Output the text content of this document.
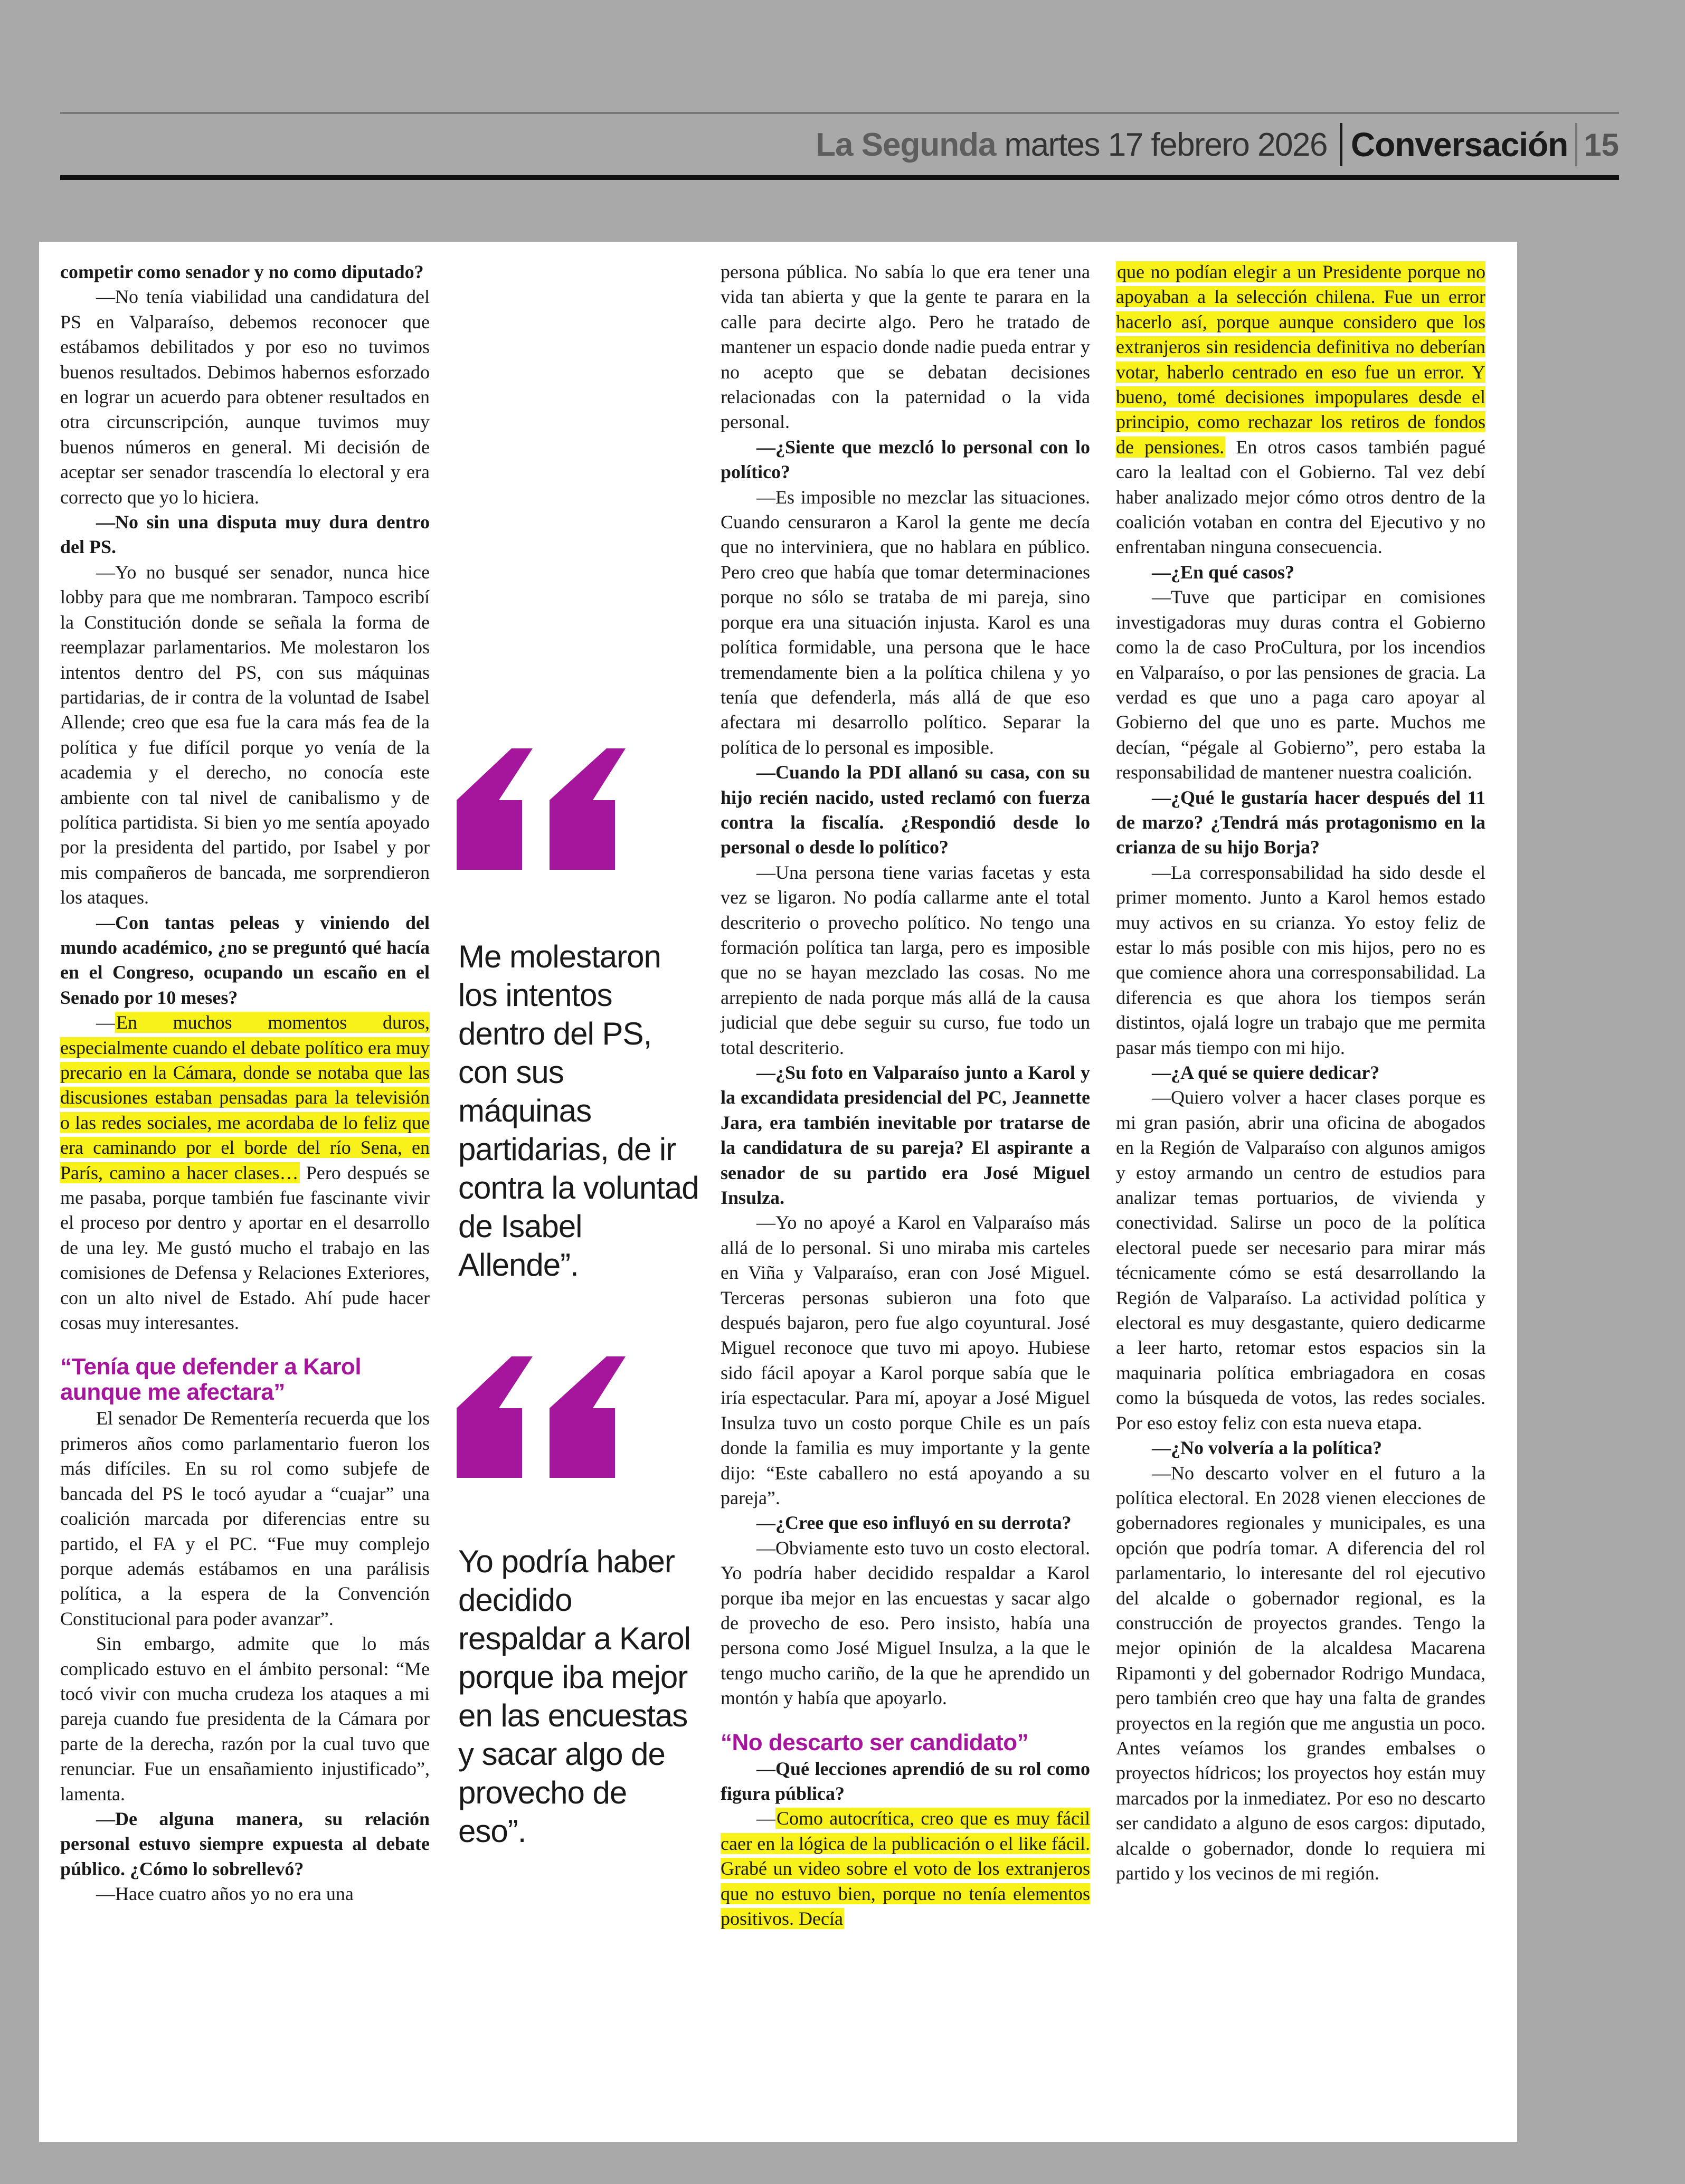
La Segunda martes 17 febrero 2026 Conversación 15

competir como senador y no como diputado?

—No tenía viabilidad una candidatura del PS en Valparaíso, debemos reconocer que estábamos debilitados y por eso no tuvimos buenos resultados. Debimos habernos esforzado en lograr un acuerdo para obtener resultados en otra circunscripción, aunque tuvimos muy buenos números en general. Mi decisión de aceptar ser senador trascendía lo electoral y era correcto que yo lo hiciera.

—No sin una disputa muy dura dentro del PS.

—Yo no busqué ser senador, nunca hice lobby para que me nombraran. Tampoco escribí la Constitución donde se señala la forma de reemplazar parlamentarios. Me molestaron los intentos dentro del PS, con sus máquinas partidarias, de ir contra de la voluntad de Isabel Allende; creo que esa fue la cara más fea de la política y fue difícil porque yo venía de la academia y el derecho, no conocía este ambiente con tal nivel de canibalismo y de política partidista. Si bien yo me sentía apoyado por la presidenta del partido, por Isabel y por mis compañeros de bancada, me sorprendieron los ataques.

—Con tantas peleas y viniendo del mundo académico, ¿no se preguntó qué hacía en el Congreso, ocupando un escaño en el Senado por 10 meses?

—En muchos momentos duros, especialmente cuando el debate político era muy precario en la Cámara, donde se notaba que las discusiones estaban pensadas para la televisión o las redes sociales, me acordaba de lo feliz que era caminando por el borde del río Sena, en París, camino a hacer clases… Pero después se me pasaba, porque también fue fascinante vivir el proceso por dentro y aportar en el desarrollo de una ley. Me gustó mucho el trabajo en las comisiones de Defensa y Relaciones Exteriores, con un alto nivel de Estado. Ahí pude hacer cosas muy interesantes.

“Tenía que defender a Karol aunque me afectara”

El senador De Rementería recuerda que los primeros años como parlamentario fueron los más difíciles. En su rol como subjefe de bancada del PS le tocó ayudar a “cuajar” una coalición marcada por diferencias entre su partido, el FA y el PC. “Fue muy complejo porque además estábamos en una parálisis política, a la espera de la Convención Constitucional para poder avanzar”.

Sin embargo, admite que lo más complicado estuvo en el ámbito personal: “Me tocó vivir con mucha crudeza los ataques a mi pareja cuando fue presidenta de la Cámara por parte de la derecha, razón por la cual tuvo que renunciar. Fue un ensañamiento injustificado”, lamenta.

—De alguna manera, su relación personal estuvo siempre expuesta al debate público. ¿Cómo lo sobrellevó?

—Hace cuatro años yo no era una

Me molestaron los intentos dentro del PS, con sus máquinas partidarias, de ir contra la voluntad de Isabel Allende”.
Yo podría haber decidido respaldar a Karol porque iba mejor en las encuestas y sacar algo de provecho de eso”.

persona pública. No sabía lo que era tener una vida tan abierta y que la gente te parara en la calle para decirte algo. Pero he tratado de mantener un espacio donde nadie pueda entrar y no acepto que se debatan decisiones relacionadas con la paternidad o la vida personal.

—¿Siente que mezcló lo personal con lo político?

—Es imposible no mezclar las situaciones. Cuando censuraron a Karol la gente me decía que no interviniera, que no hablara en público. Pero creo que había que tomar determinaciones porque no sólo se trataba de mi pareja, sino porque era una situación injusta. Karol es una política formidable, una persona que le hace tremendamente bien a la política chilena y yo tenía que defenderla, más allá de que eso afectara mi desarrollo político. Separar la política de lo personal es imposible.

—Cuando la PDI allanó su casa, con su hijo recién nacido, usted reclamó con fuerza contra la fiscalía. ¿Respondió desde lo personal o desde lo político?

—Una persona tiene varias facetas y esta vez se ligaron. No podía callarme ante el total descriterio o provecho político. No tengo una formación política tan larga, pero es imposible que no se hayan mezclado las cosas. No me arrepiento de nada porque más allá de la causa judicial que debe seguir su curso, fue todo un total descriterio.

—¿Su foto en Valparaíso junto a Karol y la excandidata presidencial del PC, Jeannette Jara, era también inevitable por tratarse de la candidatura de su pareja? El aspirante a senador de su partido era José Miguel Insulza.

—Yo no apoyé a Karol en Valparaíso más allá de lo personal. Si uno miraba mis carteles en Viña y Valparaíso, eran con José Miguel. Terceras personas subieron una foto que después bajaron, pero fue algo coyuntural. José Miguel reconoce que tuvo mi apoyo. Hubiese sido fácil apoyar a Karol porque sabía que le iría espectacular. Para mí, apoyar a José Miguel Insulza tuvo un costo porque Chile es un país donde la familia es muy importante y la gente dijo: “Este caballero no está apoyando a su pareja”.

—¿Cree que eso influyó en su derrota?

—Obviamente esto tuvo un costo electoral. Yo podría haber decidido respaldar a Karol porque iba mejor en las encuestas y sacar algo de provecho de eso. Pero insisto, había una persona como José Miguel Insulza, a la que le tengo mucho cariño, de la que he aprendido un montón y había que apoyarlo.

“No descarto ser candidato”

—Qué lecciones aprendió de su rol como figura pública?

—Como autocrítica, creo que es muy fácil caer en la lógica de la publicación o el like fácil. Grabé un video sobre el voto de los extranjeros que no estuvo bien, porque no tenía elementos positivos. Decía

que no podían elegir a un Presidente porque no apoyaban a la selección chilena. Fue un error hacerlo así, porque aunque considero que los extranjeros sin residencia definitiva no deberían votar, haberlo centrado en eso fue un error. Y bueno, tomé decisiones impopulares desde el principio, como rechazar los retiros de fondos de pensiones. En otros casos también pagué caro la lealtad con el Gobierno. Tal vez debí haber analizado mejor cómo otros dentro de la coalición votaban en contra del Ejecutivo y no enfrentaban ninguna consecuencia.

—¿En qué casos?

—Tuve que participar en comisiones investigadoras muy duras contra el Gobierno como la de caso ProCultura, por los incendios en Valparaíso, o por las pensiones de gracia. La verdad es que uno a paga caro apoyar al Gobierno del que uno es parte. Muchos me decían, “pégale al Gobierno”, pero estaba la responsabilidad de mantener nuestra coalición.

—¿Qué le gustaría hacer después del 11 de marzo? ¿Tendrá más protagonismo en la crianza de su hijo Borja?

—La corresponsabilidad ha sido desde el primer momento. Junto a Karol hemos estado muy activos en su crianza. Yo estoy feliz de estar lo más posible con mis hijos, pero no es que comience ahora una corresponsabilidad. La diferencia es que ahora los tiempos serán distintos, ojalá logre un trabajo que me permita pasar más tiempo con mi hijo.

—¿A qué se quiere dedicar?

—Quiero volver a hacer clases porque es mi gran pasión, abrir una oficina de abogados en la Región de Valparaíso con algunos amigos y estoy armando un centro de estudios para analizar temas portuarios, de vivienda y conectividad. Salirse un poco de la política electoral puede ser necesario para mirar más técnicamente cómo se está desarrollando la Región de Valparaíso. La actividad política y electoral es muy desgastante, quiero dedicarme a leer harto, retomar estos espacios sin la maquinaria política embriagadora en cosas como la búsqueda de votos, las redes sociales. Por eso estoy feliz con esta nueva etapa.

—¿No volvería a la política?

—No descarto volver en el futuro a la política electoral. En 2028 vienen elecciones de gobernadores regionales y municipales, es una opción que podría tomar. A diferencia del rol parlamentario, lo interesante del rol ejecutivo del alcalde o gobernador regional, es la construcción de proyectos grandes. Tengo la mejor opinión de la alcaldesa Macarena Ripamonti y del gobernador Rodrigo Mundaca, pero también creo que hay una falta de grandes proyectos en la región que me angustia un poco. Antes veíamos los grandes embalses o proyectos hídricos; los proyectos hoy están muy marcados por la inmediatez. Por eso no descarto ser candidato a alguno de esos cargos: diputado, alcalde o gobernador, donde lo requiera mi partido y los vecinos de mi región.
